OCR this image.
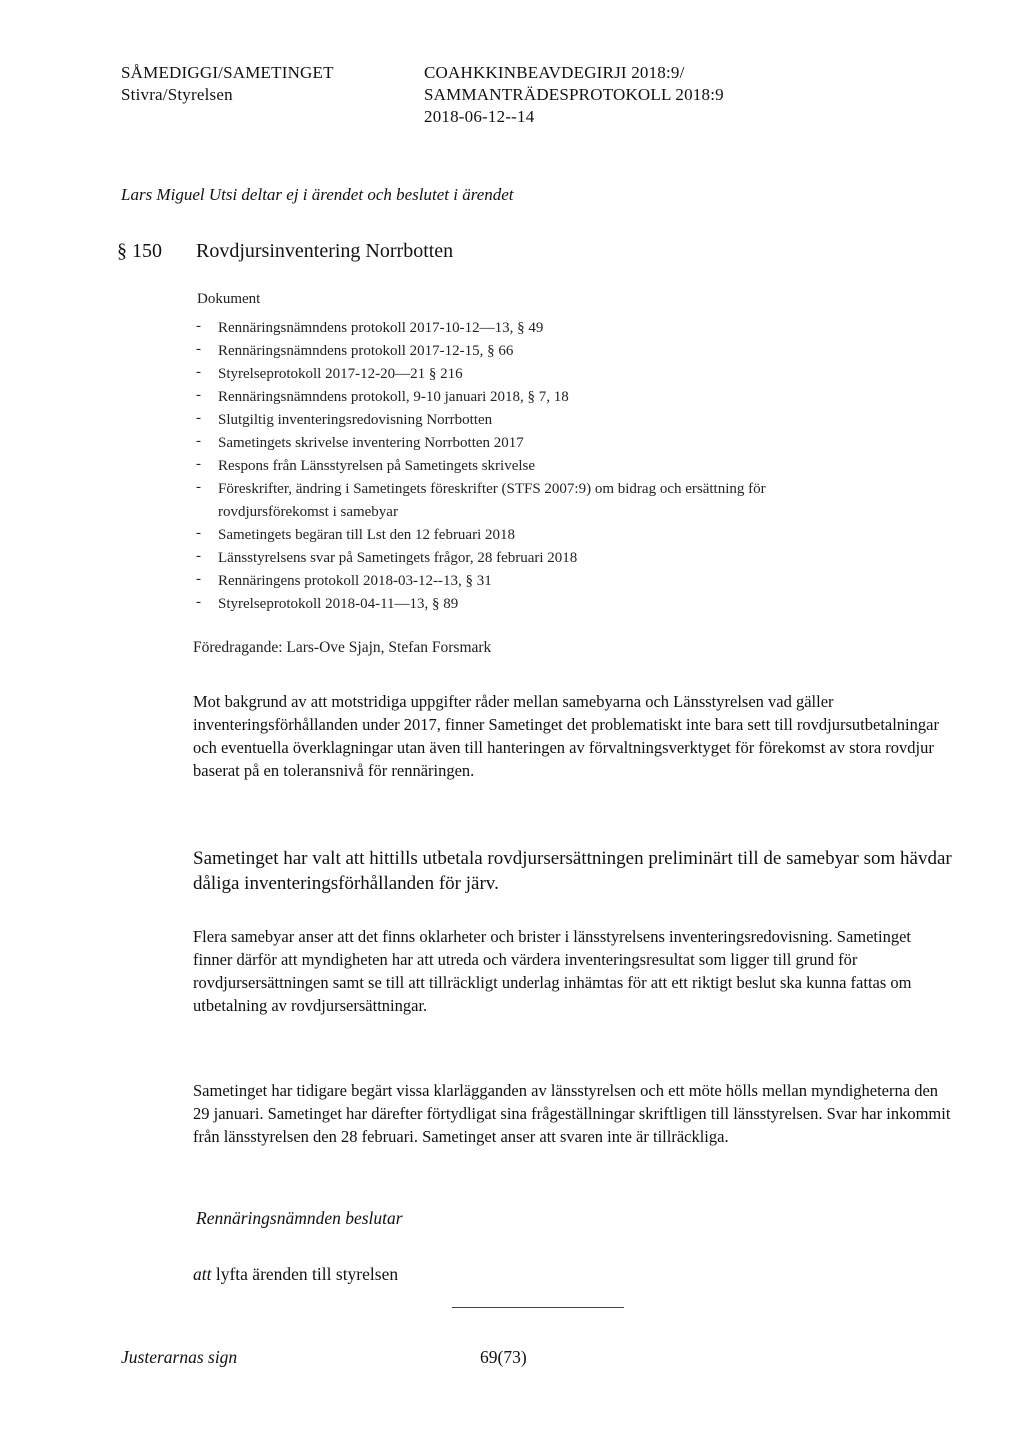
SÅMEDIGGI/SAMETINGET
Stivra/Styrelsen
COAHKKINBEAVDEGIRJI 2018:9/
SAMMANTRÄDESPROTOKOLL 2018:9
2018-06-12--14
Lars Miguel Utsi deltar ej i ärendet och beslutet i ärendet
§ 150 Rovdjursinventering Norrbotten
Dokument
- Rennäringsnämndens protokoll 2017-10-12—13, § 49
- Rennäringsnämndens protokoll 2017-12-15, § 66
- Styrelseprotokoll 2017-12-20—21 § 216
- Rennäringsnämndens protokoll, 9-10 januari 2018, § 7, 18
- Slutgiltig inventeringsredovisning Norrbotten
- Sametingets skrivelse inventering Norrbotten 2017
- Respons från Länsstyrelsen på Sametingets skrivelse
- Föreskrifter, ändring i Sametingets föreskrifter (STFS 2007:9) om bidrag och ersättning för
rovdjursförekomst i samebyar
- Sametingets begäran till Lst den 12 februari 2018
- Länsstyrelsens svar på Sametingets frågor, 28 februari 2018
- Rennäringens protokoll 2018-03-12--13, § 31
- Styrelseprotokoll 2018-04-11—13, § 89
Föredragande: Lars-Ove Sjajn, Stefan Forsmark
Mot bakgrund av att motstridiga uppgifter råder mellan samebyarna och Länsstyrelsen vad gäller inventeringsförhållanden under 2017, finner Sametinget det problematiskt inte bara sett till rovdjursutbetalningar och eventuella överklagningar utan även till hanteringen av förvaltningsverktyget för förekomst av stora rovdjur baserat på en toleransnivå för rennäringen.
Sametinget har valt att hittills utbetala rovdjursersättningen preliminärt till de samebyar som hävdar dåliga inventeringsförhållanden för järv.
Flera samebyar anser att det finns oklarheter och brister i länsstyrelsens inventeringsredovisning. Sametinget finner därför att myndigheten har att utreda och värdera inventeringsresultat som ligger till grund för rovdjursersättningen samt se till att tillräckligt underlag inhämtas för att ett riktigt beslut ska kunna fattas om utbetalning av rovdjursersättningar.
Sametinget har tidigare begärt vissa klarlägganden av länsstyrelsen och ett möte hölls mellan myndigheterna den 29 januari. Sametinget har därefter förtydligat sina frågeställningar skriftligen till länsstyrelsen. Svar har inkommit från länsstyrelsen den 28 februari. Sametinget anser att svaren inte är tillräckliga.
Rennäringsnämnden beslutar
att lyfta ärenden till styrelsen
Justerarnas sign	69(73)
